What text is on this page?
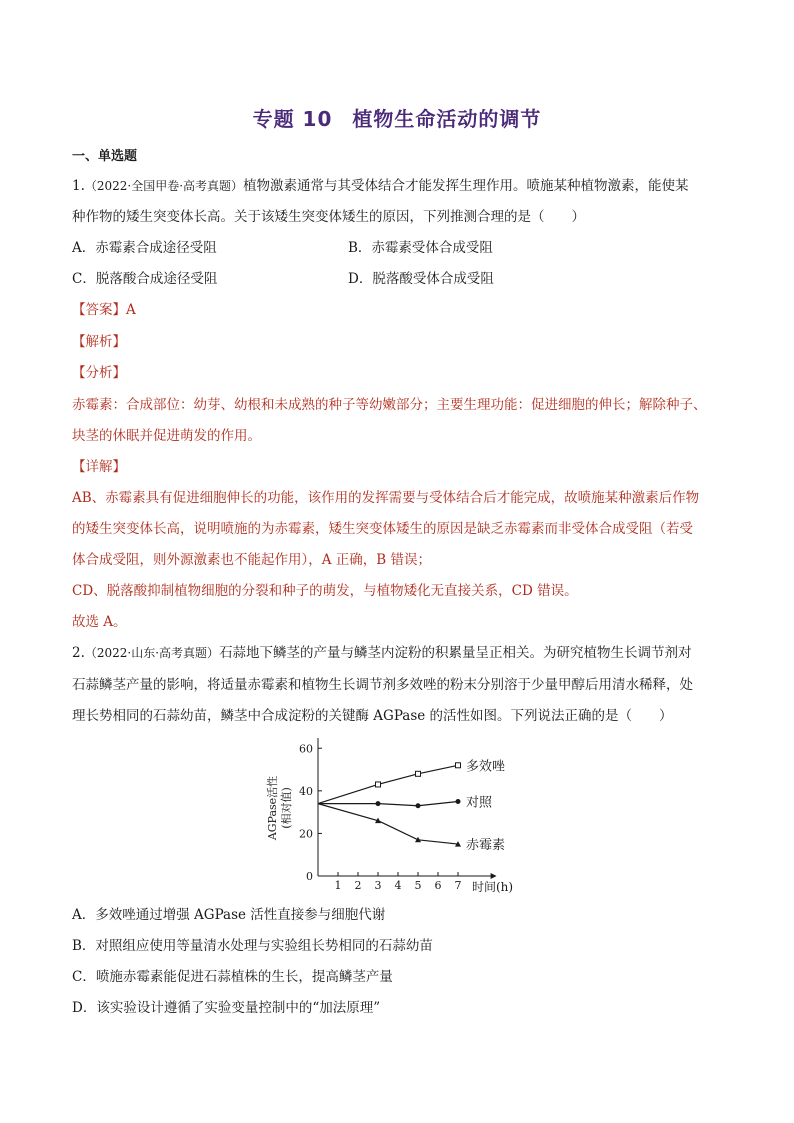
专题 10 植物生命活动的调节
一、单选题
1.（2022·全国甲卷·高考真题）植物激素通常与其受体结合才能发挥生理作用。喷施某种植物激素，能使某
种作物的矮生突变体长高。关于该矮生突变体矮生的原因，下列推测合理的是（　　）
A．赤霉素合成途径受阻	B．赤霉素受体合成受阻
C．脱落酸合成途径受阻	D．脱落酸受体合成受阻
【答案】A
【解析】
【分析】
赤霉素：合成部位：幼芽、幼根和未成熟的种子等幼嫩部分；主要生理功能：促进细胞的伸长；解除种子、
块茎的休眠并促进萌发的作用。
【详解】
AB、赤霉素具有促进细胞伸长的功能，该作用的发挥需要与受体结合后才能完成，故喷施某种激素后作物
的矮生突变体长高，说明喷施的为赤霉素，矮生突变体矮生的原因是缺乏赤霉素而非受体合成受阻（若受
体合成受阻，则外源激素也不能起作用），A 正确，B 错误；
CD、脱落酸抑制植物细胞的分裂和种子的萌发，与植物矮化无直接关系，CD 错误。
故选 A。
2.（2022·山东·高考真题）石蒜地下鳞茎的产量与鳞茎内淀粉的积累量呈正相关。为研究植物生长调节剂对
石蒜鳞茎产量的影响，将适量赤霉素和植物生长调节剂多效唑的粉末分别溶于少量甲醇后用清水稀释，处
理长势相同的石蒜幼苗，鳞茎中合成淀粉的关键酶 AGPase 的活性如图。下列说法正确的是（　　）
1 2 3 4 5 6 7
0
20
40
60
时间(h)
AGPase活性 (相对值)
多效唑
对照
赤霉素
A．多效唑通过增强 AGPase 活性直接参与细胞代谢
B．对照组应使用等量清水处理与实验组长势相同的石蒜幼苗
C．喷施赤霉素能促进石蒜植株的生长，提高鳞茎产量
D．该实验设计遵循了实验变量控制中的“加法原理”
